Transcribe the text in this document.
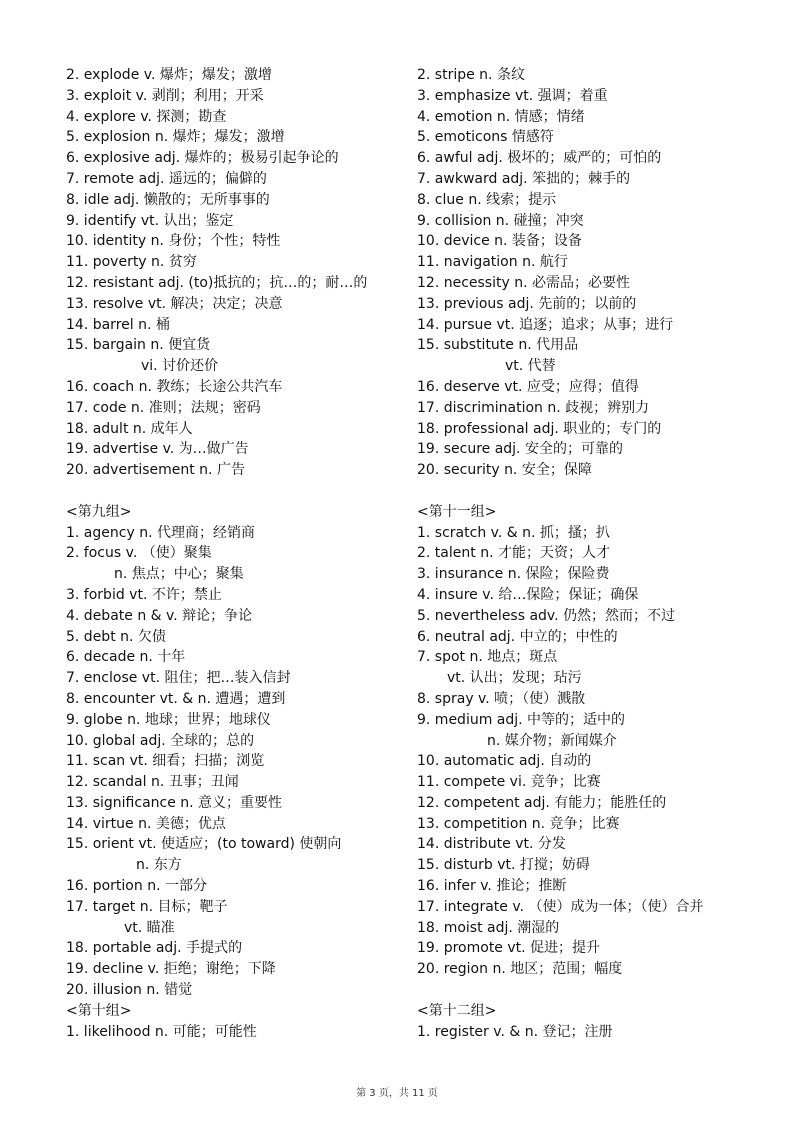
2. explode v. 爆炸；爆发；激增
3. exploit v. 剥削；利用；开采
4. explore v. 探测；勘查
5. explosion n. 爆炸；爆发；激增
6. explosive adj. 爆炸的；极易引起争论的
7. remote adj. 遥远的；偏僻的
8. idle adj. 懒散的；无所事事的
9. identify vt. 认出；鉴定
10. identity n. 身份；个性；特性
11. poverty n. 贫穷
12. resistant adj. (to)抵抗的；抗…的；耐…的
13. resolve vt. 解决；决定；决意
14. barrel n. 桶
15. bargain n. 便宜货
vi. 讨价还价
16. coach n. 教练；长途公共汽车
17. code n. 准则；法规；密码
18. adult n. 成年人
19. advertise v. 为…做广告
20. advertisement n. 广告
<第九组>
1. agency n. 代理商；经销商
2. focus v. （使）聚集
n. 焦点；中心；聚集
3. forbid vt. 不许；禁止
4. debate n & v. 辩论；争论
5. debt n. 欠债
6. decade n. 十年
7. enclose vt. 阻住；把…装入信封
8. encounter vt. & n. 遭遇；遭到
9. globe n. 地球；世界；地球仪
10. global adj. 全球的；总的
11. scan vt. 细看；扫描；浏览
12. scandal n. 丑事；丑闻
13. significance n. 意义；重要性
14. virtue n. 美德；优点
15. orient vt. 使适应；(to toward) 使朝向
n. 东方
16. portion n. 一部分
17. target n. 目标；靶子
vt. 瞄准
18. portable adj. 手提式的
19. decline v. 拒绝；谢绝；下降
20. illusion n. 错觉
<第十组>
1. likelihood n. 可能；可能性
2. stripe n. 条纹
3. emphasize vt. 强调；着重
4. emotion n. 情感；情绪
5. emoticons 情感符
6. awful adj. 极坏的；威严的；可怕的
7. awkward adj. 笨拙的；棘手的
8. clue n. 线索；提示
9. collision n. 碰撞；冲突
10. device n. 装备；设备
11. navigation n. 航行
12. necessity n. 必需品；必要性
13. previous adj. 先前的；以前的
14. pursue vt. 追逐；追求；从事；进行
15. substitute n. 代用品
vt. 代替
16. deserve vt. 应受；应得；值得
17. discrimination n. 歧视；辨别力
18. professional adj. 职业的；专门的
19. secure adj. 安全的；可靠的
20. security n. 安全；保障
<第十一组>
1. scratch v. & n. 抓；搔；扒
2. talent n. 才能；天资；人才
3. insurance n. 保险；保险费
4. insure v. 给…保险；保证；确保
5. nevertheless adv. 仍然；然而；不过
6. neutral adj. 中立的；中性的
7. spot n. 地点；斑点
vt. 认出；发现；玷污
8. spray v. 喷；（使）溅散
9. medium adj. 中等的；适中的
n. 媒介物；新闻媒介
10. automatic adj. 自动的
11. compete vi. 竞争；比赛
12. competent adj. 有能力；能胜任的
13. competition n. 竞争；比赛
14. distribute vt. 分发
15. disturb vt. 打搅；妨碍
16. infer v. 推论；推断
17. integrate v. （使）成为一体；（使）合并
18. moist adj. 潮湿的
19. promote vt. 促进；提升
20. region n. 地区；范围；幅度
<第十二组>
1. register v. & n. 登记；注册
第 3 页，共 11 页
